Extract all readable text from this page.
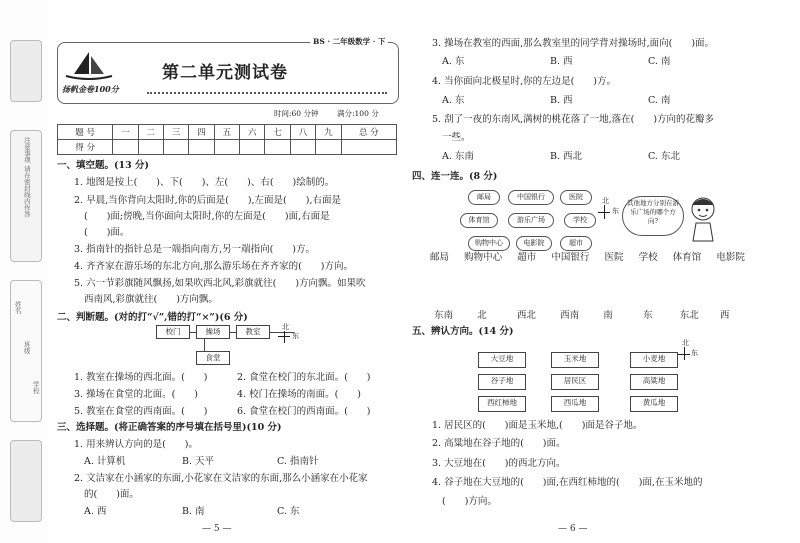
注意事项 请在密封线内作答
姓名
班级
学校
扬帆金卷100分
第二单元测试卷
BS · 二年级数学 · 下
时间:60 分钟 满分:100 分
题 号	一	二	三	四	五	六	七	八	九	总 分
得 分										
一、填空题。(13 分)
1. 地图是按上(　　)、下(　　)、左(　　)、右(　　)绘制的。
2. 早晨,当你背向太阳时,你的后面是(　　),左面是(　　),右面是
(　　)面;傍晚,当你面向太阳时,你的左面是(　　)面,右面是
(　　)面。
3. 指南针的指针总是一端指向南方,另一端指向(　　)方。
4. 齐齐家在游乐场的东北方向,那么游乐场在齐齐家的(　　)方向。
5. 六一节彩旗随风飘扬,如果吹西北风,彩旗就往(　　)方向飘。如果吹
西南风,彩旗就往(　　)方向飘。
二、判断题。(对的打“√”,错的打“×”)(6 分)
校门	操场	教室
食堂
北
东
1. 教室在操场的西北面。(　　)	2. 食堂在校门的东北面。(　　)
3. 操场在食堂的北面。(　　)	4. 校门在操场的南面。(　　)
5. 教室在食堂的西南面。(　　)	6. 食堂在校门的西南面。(　　)
三、选择题。(将正确答案的序号填在括号里)(10 分)
1. 用来辨认方向的是(　　)。
A. 计算机	B. 天平	C. 指南针
2. 文洁家在小涵家的东面,小花家在文洁家的东面,那么小涵家在小花家
的(　　)面。
A. 西	B. 南	C. 东
— 5 —
3. 操场在教室的西面,那么教室里的同学背对操场时,面向(　　)面。
A. 东	B. 西	C. 南
4. 当你面向北极星时,你的左边是(　　)方。
A. 东	B. 西	C. 南
5. 刮了一夜的东南风,满树的桃花落了一地,落在(　　)方向的花瓣多
一些。
A. 东南	B. 西北	C. 东北
四、连一连。(8 分)
邮局	中国银行	医院
体育馆	游乐广场	学校
购物中心	电影院	超市
北
东
其他地方分别在游乐广场的哪个方向?
邮局 购物中心 超市 中国银行 医院 学校 体育馆 电影院
东南	北	西北	西南	南	东	东北 西
五、辨认方向。(14 分)
大豆地	玉米地	小麦地
谷子地	居民区	高粱地
西红柿地	西瓜地	黄瓜地
北
东
1. 居民区的(　　)面是玉米地,(　　)面是谷子地。
2. 高粱地在谷子地的(　　)面。
3. 大豆地在(　　)的西北方向。
4. 谷子地在大豆地的(　　)面,在西红柿地的(　　)面,在玉米地的
(　　)方向。
— 6 —
